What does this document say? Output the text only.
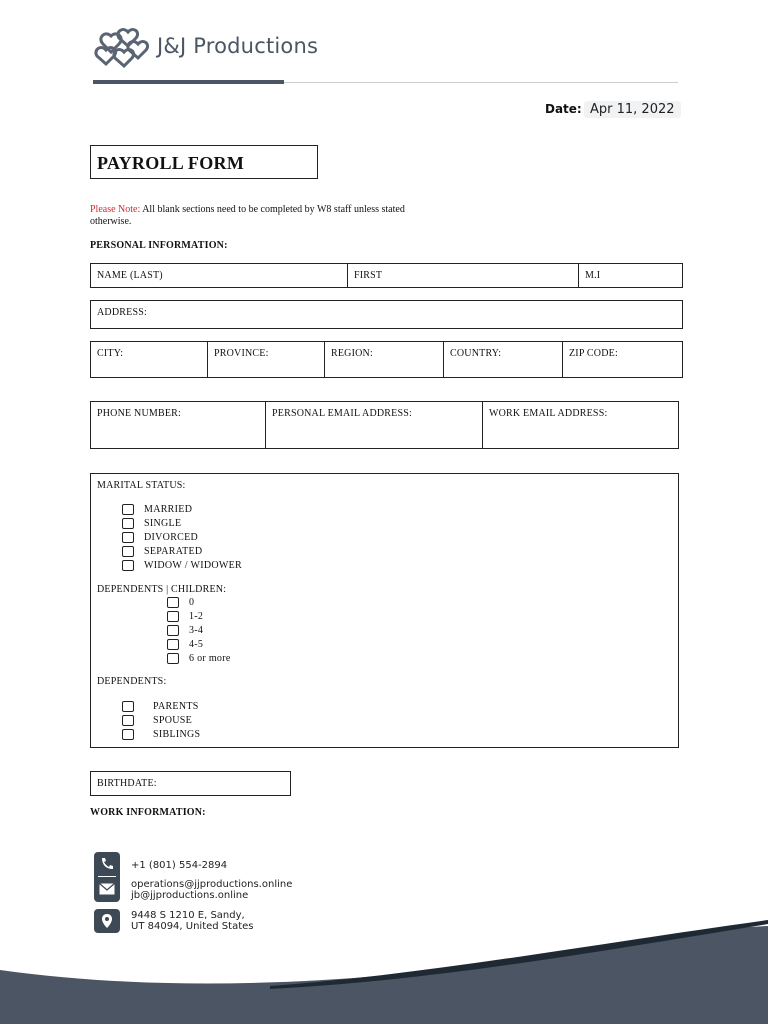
J&J Productions
Date: Apr 11, 2022
PAYROLL FORM
Please Note: All blank sections need to be completed by W8 staff unless stated otherwise.
PERSONAL INFORMATION:
NAME (LAST)	FIRST	M.I
ADDRESS:
CITY:	PROVINCE:	REGION:	COUNTRY:	ZIP CODE:
PHONE NUMBER:	PERSONAL EMAIL ADDRESS:	WORK EMAIL ADDRESS:
MARITAL STATUS:
MARRIED
SINGLE
DIVORCED
SEPARATED
WIDOW / WIDOWER
DEPENDENTS | CHILDREN:
0
1-2
3-4
4-5
6 or more
DEPENDENTS:
PARENTS
SPOUSE
SIBLINGS
BIRTHDATE:
WORK INFORMATION:
+1 (801) 554-2894
operations@jjproductions.online
jb@jjproductions.online
9448 S 1210 E, Sandy,
UT 84094, United States
